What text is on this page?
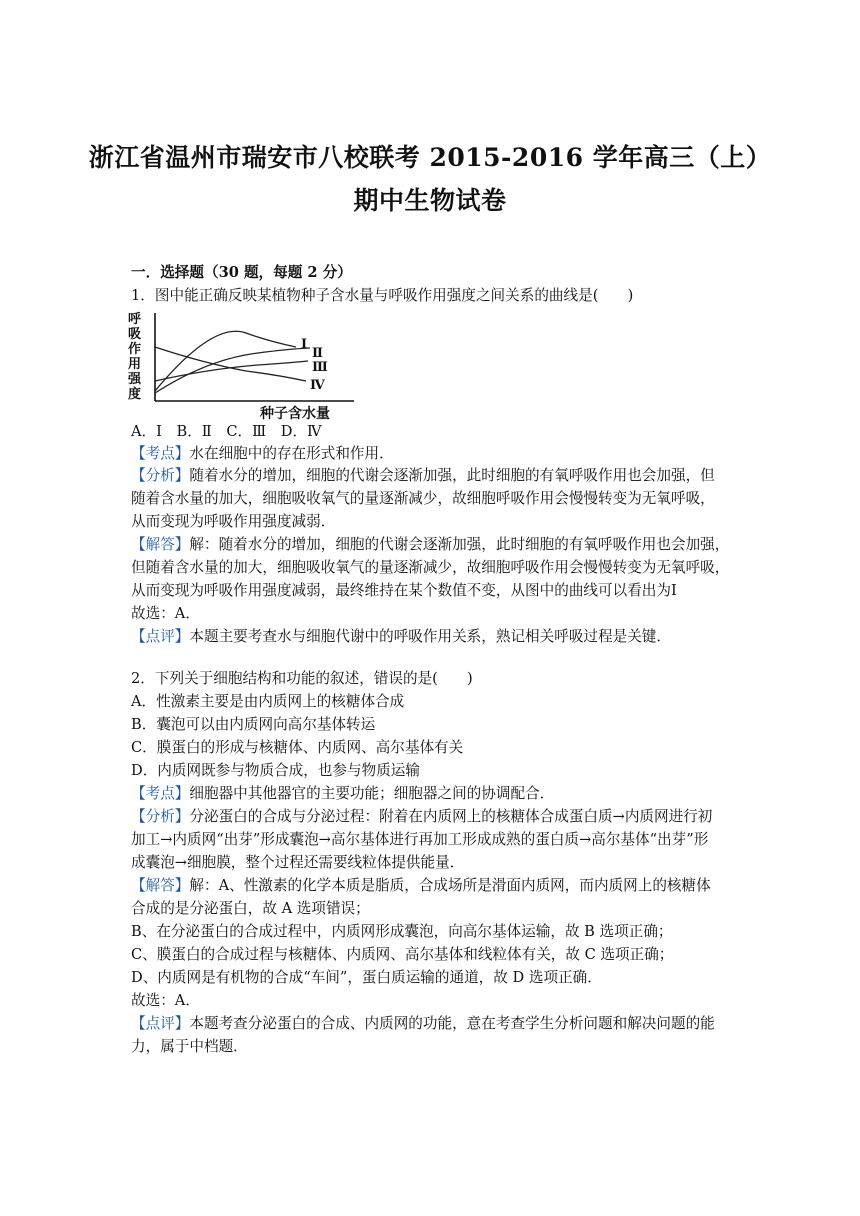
浙江省温州市瑞安市八校联考 2015-2016 学年高三（上）
期中生物试卷
一．选择题（30 题，每题 2 分）
1．图中能正确反映某植物种子含水量与呼吸作用强度之间关系的曲线是(　　)
呼
吸
作
用
强
度
种子含水量
Ⅰ
Ⅱ
Ⅲ
Ⅳ
A．Ⅰ　B．Ⅱ　C．Ⅲ　D．Ⅳ
【考点】水在细胞中的存在形式和作用．
【分析】随着水分的增加，细胞的代谢会逐渐加强，此时细胞的有氧呼吸作用也会加强，但
随着含水量的加大，细胞吸收氧气的量逐渐减少，故细胞呼吸作用会慢慢转变为无氧呼吸，
从而变现为呼吸作用强度减弱．
【解答】解：随着水分的增加，细胞的代谢会逐渐加强，此时细胞的有氧呼吸作用也会加强，
但随着含水量的加大，细胞吸收氧气的量逐渐减少，故细胞呼吸作用会慢慢转变为无氧呼吸，
从而变现为呼吸作用强度减弱，最终维持在某个数值不变，从图中的曲线可以看出为Ⅰ
故选：A．
【点评】本题主要考查水与细胞代谢中的呼吸作用关系，熟记相关呼吸过程是关键．
2．下列关于细胞结构和功能的叙述，错误的是(　　)
A．性激素主要是由内质网上的核糖体合成
B．囊泡可以由内质网向高尔基体转运
C．膜蛋白的形成与核糖体、内质网、高尔基体有关
D．内质网既参与物质合成，也参与物质运输
【考点】细胞器中其他器官的主要功能；细胞器之间的协调配合．
【分析】分泌蛋白的合成与分泌过程：附着在内质网上的核糖体合成蛋白质→内质网进行初
加工→内质网“出芽”形成囊泡→高尔基体进行再加工形成成熟的蛋白质→高尔基体“出芽”形
成囊泡→细胞膜，整个过程还需要线粒体提供能量．
【解答】解：A、性激素的化学本质是脂质，合成场所是滑面内质网，而内质网上的核糖体
合成的是分泌蛋白，故 A 选项错误；
B、在分泌蛋白的合成过程中，内质网形成囊泡，向高尔基体运输，故 B 选项正确；
C、膜蛋白的合成过程与核糖体、内质网、高尔基体和线粒体有关，故 C 选项正确；
D、内质网是有机物的合成“车间”，蛋白质运输的通道，故 D 选项正确．
故选：A．
【点评】本题考查分泌蛋白的合成、内质网的功能，意在考查学生分析问题和解决问题的能
力，属于中档题．
